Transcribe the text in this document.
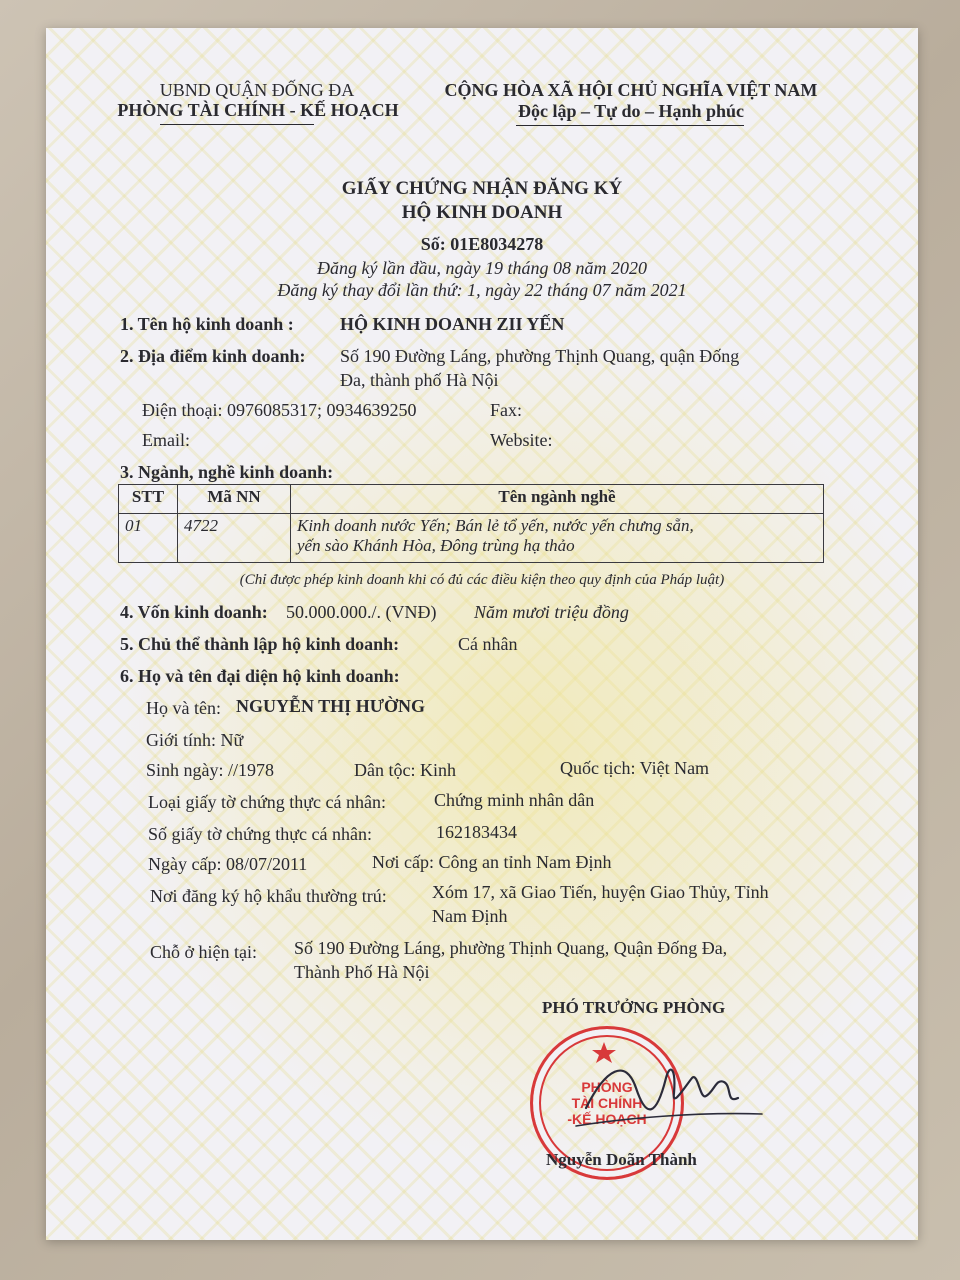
UBND QUẬN ĐỐNG ĐA
PHÒNG TÀI CHÍNH - KẾ HOẠCH
CỘNG HÒA XÃ HỘI CHỦ NGHĨA VIỆT NAM
Độc lập – Tự do – Hạnh phúc
GIẤY CHỨNG NHẬN ĐĂNG KÝ
HỘ KINH DOANH
Số: 01E8034278
Đăng ký lần đầu, ngày 19 tháng 08 năm 2020
Đăng ký thay đổi lần thứ: 1, ngày 22 tháng 07 năm 2021
1. Tên hộ kinh doanh :	HỘ KINH DOANH ZII YẾN
2. Địa điểm kinh doanh: Số 190 Đường Láng, phường Thịnh Quang, quận Đống
Đa, thành phố Hà Nội
Điện thoại: 0976085317; 0934639250	Fax:
Email:	Website:
3. Ngành, nghề kinh doanh:
STT	Mã NN	Tên ngành nghề
01	4722	Kinh doanh nước Yến; Bán lẻ tổ yến, nước yến chưng sẵn,
yến sào Khánh Hòa, Đông trùng hạ thảo
(Chỉ được phép kinh doanh khi có đủ các điều kiện theo quy định của Pháp luật)
4. Vốn kinh doanh: 50.000.000./. (VNĐ) Năm mươi triệu đồng
5. Chủ thể thành lập hộ kinh doanh:	Cá nhân
6. Họ và tên đại diện hộ kinh doanh:
Họ và tên: NGUYỄN THỊ HƯỜNG
Giới tính: Nữ
Sinh ngày: //1978	Dân tộc: Kinh	Quốc tịch: Việt Nam
Loại giấy tờ chứng thực cá nhân:	Chứng minh nhân dân
Số giấy tờ chứng thực cá nhân:	162183434
Ngày cấp: 08/07/2011	Nơi cấp: Công an tỉnh Nam Định
Nơi đăng ký hộ khẩu thường trú:	Xóm 17, xã Giao Tiến, huyện Giao Thủy, Tỉnh
Nam Định
Chỗ ở hiện tại: Số 190 Đường Láng, phường Thịnh Quang, Quận Đống Đa,
Thành Phố Hà Nội
PHÓ TRƯỞNG PHÒNG
PHÒNG
TÀI CHÍNH
-KẾ HOẠCH
Nguyễn Doãn Thành
